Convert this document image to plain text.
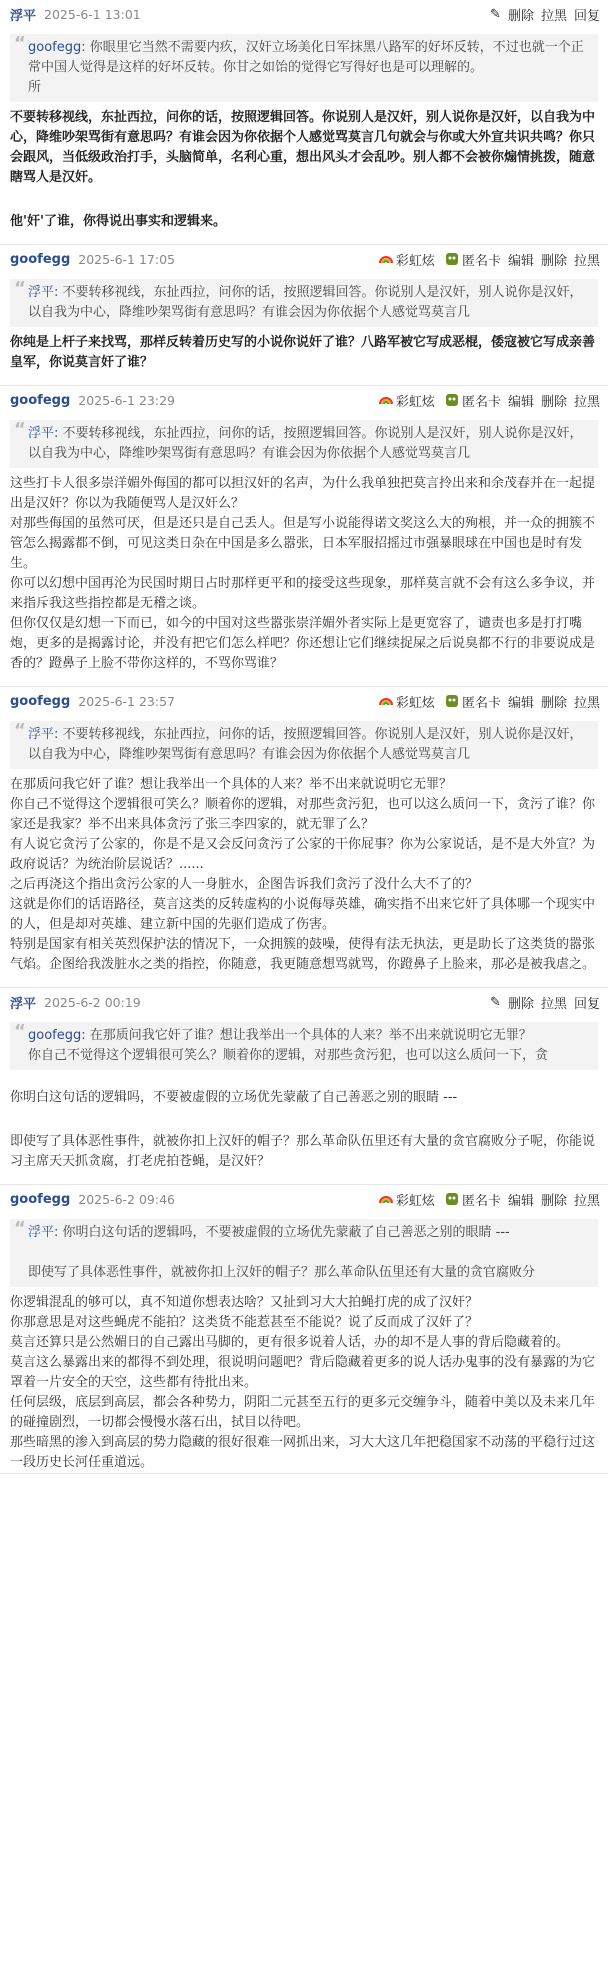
浮平 2025-6-1 13:01	✎ 删除 拉黑 回复
“ goofegg: 你眼里它当然不需要内疚，汉奸立场美化日军抹黑八路军的好坏反转，不过也就一个正常中国人觉得是这样的好坏反转。你甘之如饴的觉得它写得好也是可以理解的。
所

不要转移视线，东扯西拉，问你的话，按照逻辑回答。你说别人是汉奸，别人说你是汉奸，以自我为中心，降维吵架骂街有意思吗？有谁会因为你依据个人感觉骂莫言几句就会与你或大外宣共识共鸣？你只会跟风，当低级政治打手，头脑简单，名利心重，想出风头才会乱吵。别人都不会被你煽情挑拨，随意瞎骂人是汉奸。

他'奸'了谁，你得说出事实和逻辑来。

goofegg 2025-6-1 17:05	彩虹炫 匿名卡 编辑 删除 拉黑
“ 浮平: 不要转移视线，东扯西拉，问你的话，按照逻辑回答。你说别人是汉奸，别人说你是汉奸，以自我为中心，降维吵架骂街有意思吗？有谁会因为你依据个人感觉骂莫言几

你纯是上杆子来找骂，那样反转着历史写的小说你说奸了谁？八路军被它写成恶棍，倭寇被它写成亲善皇军，你说莫言奸了谁？

goofegg 2025-6-1 23:29	彩虹炫 匿名卡 编辑 删除 拉黑
“ 浮平: 不要转移视线，东扯西拉，问你的话，按照逻辑回答。你说别人是汉奸，别人说你是汉奸，以自我为中心，降维吵架骂街有意思吗？有谁会因为你依据个人感觉骂莫言几

这些打卡人很多崇洋媚外侮国的都可以担汉奸的名声，为什么我单独把莫言拎出来和余茂春并在一起提出是汉奸？你以为我随便骂人是汉奸么？

对那些侮国的虽然可厌，但是还只是自己丢人。但是写小说能得诺文奖这么大的殉根，并一众的拥簇不管怎么揭露都不倒，可见这类日杂在中国是多么嚣张，日本军服招摇过市强暴眼球在中国也是时有发生。

你可以幻想中国再沦为民国时期日占时那样更平和的接受这些现象，那样莫言就不会有这么多争议，并来指斥我这些指控都是无稽之谈。

但你仅仅是幻想一下而已，如今的中国对这些嚣张崇洋媚外者实际上是更宽容了，谴责也多是打打嘴炮，更多的是揭露讨论，并没有把它们怎么样吧？你还想让它们继续捉屎之后说臭都不行的非要说成是香的？蹬鼻子上脸不带你这样的，不骂你骂谁？

goofegg 2025-6-1 23:57	彩虹炫 匿名卡 编辑 删除 拉黑
“ 浮平: 不要转移视线，东扯西拉，问你的话，按照逻辑回答。你说别人是汉奸，别人说你是汉奸，以自我为中心，降维吵架骂街有意思吗？有谁会因为你依据个人感觉骂莫言几

在那质问我它奸了谁？想让我举出一个具体的人来？举不出来就说明它无罪？

你自己不觉得这个逻辑很可笑么？顺着你的逻辑，对那些贪污犯，也可以这么质问一下，贪污了谁？你家还是我家？举不出来具体贪污了张三李四家的，就无罪了么？

有人说它贪污了公家的，你是不是又会反问贪污了公家的干你屁事？你为公家说话，是不是大外宣？为政府说话？为统治阶层说话？......

之后再浇这个指出贪污公家的人一身脏水，企图告诉我们贪污了没什么大不了的？

这就是你们的话语路径，莫言这类的反转虚构的小说侮辱英雄，确实指不出来它奸了具体哪一个现实中的人，但是却对英雄、建立新中国的先驱们造成了伤害。

特别是国家有相关英烈保护法的情况下，一众拥簇的鼓噪，使得有法无执法，更是助长了这类货的嚣张气焰。企图给我泼脏水之类的指控，你随意，我更随意想骂就骂，你蹬鼻子上脸来，那必是被我虐之。

浮平 2025-6-2 00:19	✎ 删除 拉黑 回复
“ goofegg: 在那质问我它奸了谁？想让我举出一个具体的人来？举不出来就说明它无罪？
你自己不觉得这个逻辑很可笑么？顺着你的逻辑，对那些贪污犯，也可以这么质问一下，贪

你明白这句话的逻辑吗，不要被虚假的立场优先蒙蔽了自己善恶之别的眼睛 ---

即使写了具体恶性事件，就被你扣上汉奸的帽子？那么革命队伍里还有大量的贪官腐败分子呢，你能说习主席天天抓贪腐，打老虎拍苍蝇，是汉奸？

goofegg 2025-6-2 09:46	彩虹炫 匿名卡 编辑 删除 拉黑
“ 浮平: 你明白这句话的逻辑吗，不要被虚假的立场优先蒙蔽了自己善恶之别的眼睛 ---

即使写了具体恶性事件，就被你扣上汉奸的帽子？那么革命队伍里还有大量的贪官腐败分

你逻辑混乱的够可以，真不知道你想表达啥？又扯到习大大拍蝇打虎的成了汉奸？

你那意思是对这些蝇虎不能拍？这类货不能惹甚至不能说？说了反而成了汉奸了？

莫言还算只是公然媚日的自己露出马脚的，更有很多说着人话，办的却不是人事的背后隐藏着的。

莫言这么暴露出来的都得不到处理，很说明问题吧？背后隐藏着更多的说人话办鬼事的没有暴露的为它罩着一片安全的天空，这些都有待批出来。

任何层级，底层到高层，都会各种势力，阴阳二元甚至五行的更多元交缠争斗，随着中美以及未来几年的碰撞剧烈，一切都会慢慢水落石出，拭目以待吧。

那些暗黑的渗入到高层的势力隐藏的很好很难一网抓出来，习大大这几年把稳国家不动荡的平稳行过这一段历史长河任重道远。
